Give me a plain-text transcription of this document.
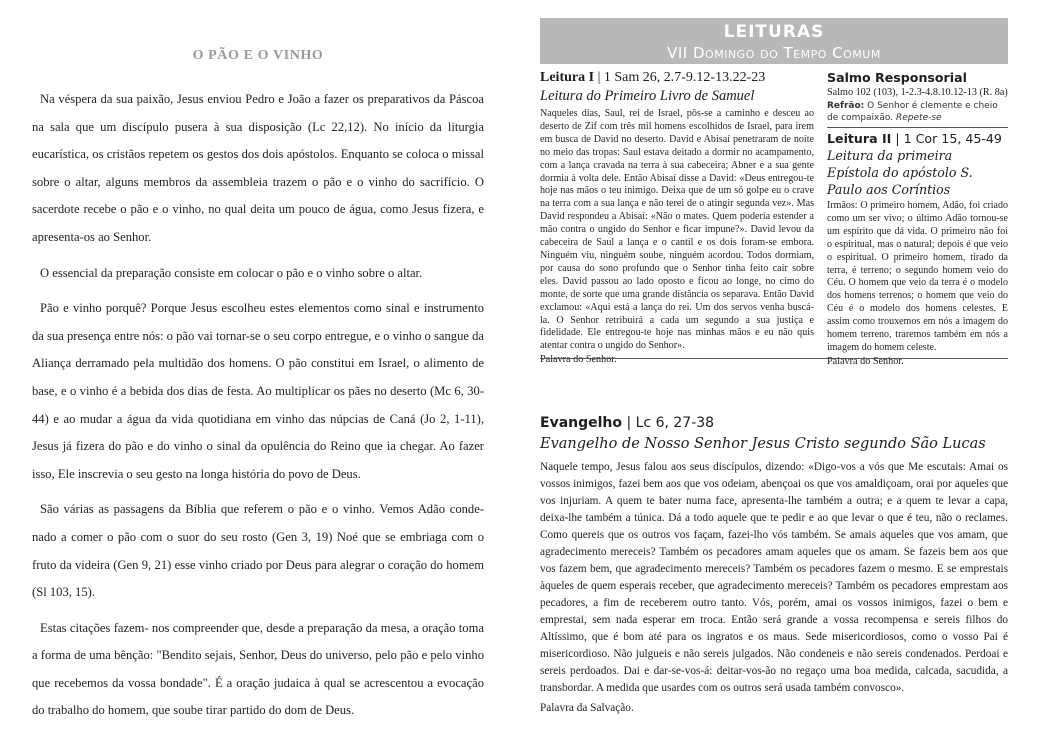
O PÃO E O VINHO

Na véspera da sua paixão, Jesus enviou Pedro e João a fazer os preparativos da Páscoa na sala que um discípulo pusera à sua disposição (Lc 22,12). No início da liturgia eucarística, os cristãos repetem os gestos dos dois apóstolos. Enquanto se coloca o missal sobre o altar, alguns membros da assembleia trazem o pão e o vinho do sacrifício. O sacerdote recebe o pão e o vinho, no qual deita um pouco de água, como Jesus fizera, e apresenta-os ao Senhor.

O essencial da preparação consiste em colocar o pão e o vinho sobre o altar.

Pão e vinho porquê? Porque Jesus escolheu estes elementos como sinal e instrumento da sua presença entre nós: o pão vai tornar-se o seu corpo entregue, e o vinho o sangue da Aliança derramado pela multidão dos homens. O pão constitui em Israel, o alimento de base, e o vinho é a bebida dos dias de festa. Ao multiplicar os pães no deserto (Mc 6, 30-44) e ao mudar a água da vida quotidiana em vinho das núpcias de Caná (Jo 2, 1-11), Jesus já fizera do pão e do vinho o sinal da opulência do Reino que ia chegar. Ao fazer isso, Ele inscrevia o seu gesto na longa história do povo de Deus.

São várias as passagens da Bíblia que referem o pão e o vinho. Vemos Adão conde- nado a comer o pão com o suor do seu rosto (Gen 3, 19) Noé que se embriaga com o fruto da videira (Gen 9, 21) esse vinho criado por Deus para alegrar o coração do homem (Sl 103, 15).

Estas citações fazem- nos compreender que, desde a preparação da mesa, a oração toma a forma de uma bênção: "Bendito sejais, Senhor, Deus do universo, pelo pão e pelo vinho que recebemos da vossa bondade". É a oração judaica à qual se acrescentou a evocação do trabalho do homem, que soube tirar partido do dom de Deus.

LEITURAS
VII Domingo do Tempo Comum
Leitura I | 1 Sam 26, 2.7-9.12-13.22-23
Leitura do Primeiro Livro de Samuel
Naqueles dias, Saul, rei de Israel, pôs-se a caminho e desceu ao deserto de Zif com três mil homens escolhidos de Israel, para irem em busca de David no deserto. David e Abisaí penetraram de noite no meio das tropas: Saul estava deitado a dormir no acampamento, com a lança cravada na terra à sua cabeceira; Abner e a sua gente dormia à volta dele. Então Abisaí disse a David: «Deus entregou-te hoje nas mãos o teu inimigo. Deixa que de um só golpe eu o crave na terra com a sua lança e não terei de o atingir segunda vez». Mas David respondeu a Abisaí: «Não o mates. Quem poderia estender a mão contra o ungido do Senhor e ficar impune?». David levou da cabeceira de Saul a lança e o cantil e os dois foram-se embora. Ninguém viu, ninguém soube, ninguém acordou. Todos dormiam, por causa do sono profundo que o Senhor tinha feito cair sobre eles. David passou ao lado oposto e ficou ao longe, no cimo do monte, de sorte que uma grande distância os separava. Então David exclamou: «Aqui está a lança do rei. Um dos servos venha buscá-la. O Senhor retribuirá a cada um segundo a sua justiça e fidelidade. Ele entregou-te hoje nas minhas mãos e eu não quis atentar contra o ungido do Senhor».
Palavra do Senhor.
Salmo Responsorial
Salmo 102 (103), 1-2.3-4.8.10.12-13 (R. 8a)
Refrão: O Senhor é clemente e cheio de compaixão. Repete-se
Leitura II | 1 Cor 15, 45-49
Leitura da primeira Epístola do apóstolo S. Paulo aos Coríntios
Irmãos: O primeiro homem, Adão, foi criado como um ser vivo; o último Adão tornou-se um espírito que dá vida. O primeiro não foi o espiritual, mas o natural; depois é que veio o espiritual. O primeiro homem, tirado da terra, é terreno; o segundo homem veio do Céu. O homem que veio da terra é o modelo dos homens terrenos; o homem que veio do Céu é o modelo dos homens celestes. E assim como trouxemos em nós a imagem do homem terreno, traremos também em nós a imagem do homem celeste.
Palavra do Senhor.
Evangelho | Lc 6, 27-38
Evangelho de Nosso Senhor Jesus Cristo segundo São Lucas
Naquele tempo, Jesus falou aos seus discípulos, dizendo: «Digo-vos a vós que Me escutais: Amai os vossos inimigos, fazei bem aos que vos odeiam, abençoai os que vos amaldiçoam, orai por aqueles que vos injuriam. A quem te bater numa face, apresenta-lhe também a outra; e a quem te levar a capa, deixa-lhe também a túnica. Dá a todo aquele que te pedir e ao que levar o que é teu, não o reclames. Como quereis que os outros vos façam, fazei-lho vós também. Se amais aqueles que vos amam, que agradecimento mereceis? Também os pecadores amam aqueles que os amam. Se fazeis bem aos que vos fazem bem, que agradecimento mereceis? Também os pecadores fazem o mesmo. E se emprestais àqueles de quem esperais receber, que agradecimento mereceis? Também os pecadores emprestam aos pecadores, a fim de receberem outro tanto. Vós, porém, amai os vossos inimigos, fazei o bem e emprestai, sem nada esperar em troca. Então será grande a vossa recompensa e sereis filhos do Altíssimo, que é bom até para os ingratos e os maus. Sede misericordiosos, como o vosso Pai é misericordioso. Não julgueis e não sereis julgados. Não condeneis e não sereis condenados. Perdoai e sereis perdoados. Dai e dar-se-vos-á: deitar-vos-ão no regaço uma boa medida, calcada, sacudida, a transbordar. A medida que usardes com os outros será usada também convosco».
Palavra da Salvação.
